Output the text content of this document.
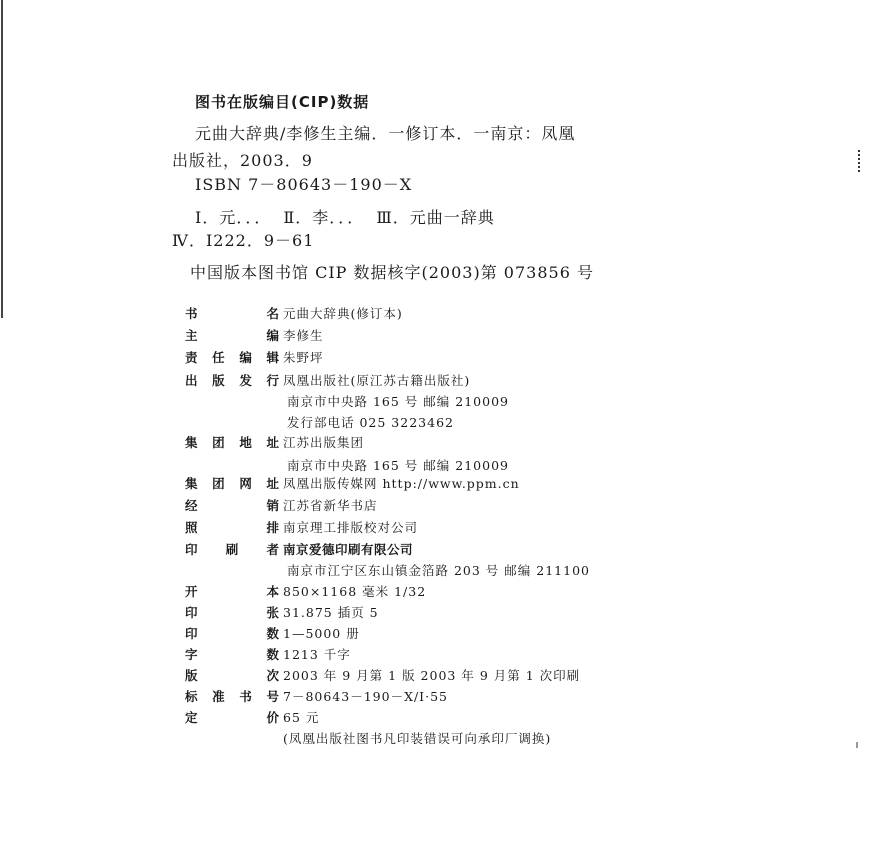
图书在版编目(CIP)数据
元曲大辞典/李修生主编．一修订本．一南京：凤凰
出版社，2003．9
ISBN 7－80643－190－X
Ⅰ．元．．． Ⅱ．李．．． Ⅲ．元曲一辞典
Ⅳ．I222．9－61
中国版本图书馆 CIP 数据核字(2003)第 073856 号
书	名 元曲大辞典(修订本)
主	编 李修生
责 任 编 辑 朱野坪
出 版 发 行 凤凰出版社(原江苏古籍出版社)
南京市中央路 165 号 邮编 210009
发行部电话 025 3223462
集 团 地 址 江苏出版集团
南京市中央路 165 号 邮编 210009
集 团 网 址 凤凰出版传媒网 http://www.ppm.cn
经	销 江苏省新华书店
照	排 南京理工排版校对公司
印 刷 者 南京爱德印刷有限公司
南京市江宁区东山镇金箔路 203 号 邮编 211100
开	本 850×1168 毫米 1/32
印	张 31.875 插页 5
印	数 1—5000 册
字	数 1213 千字
版	次 2003 年 9 月第 1 版 2003 年 9 月第 1 次印刷
标 准 书 号 7－80643－190－X/I·55
定	价 65 元
(凤凰出版社图书凡印装错误可向承印厂调换)
